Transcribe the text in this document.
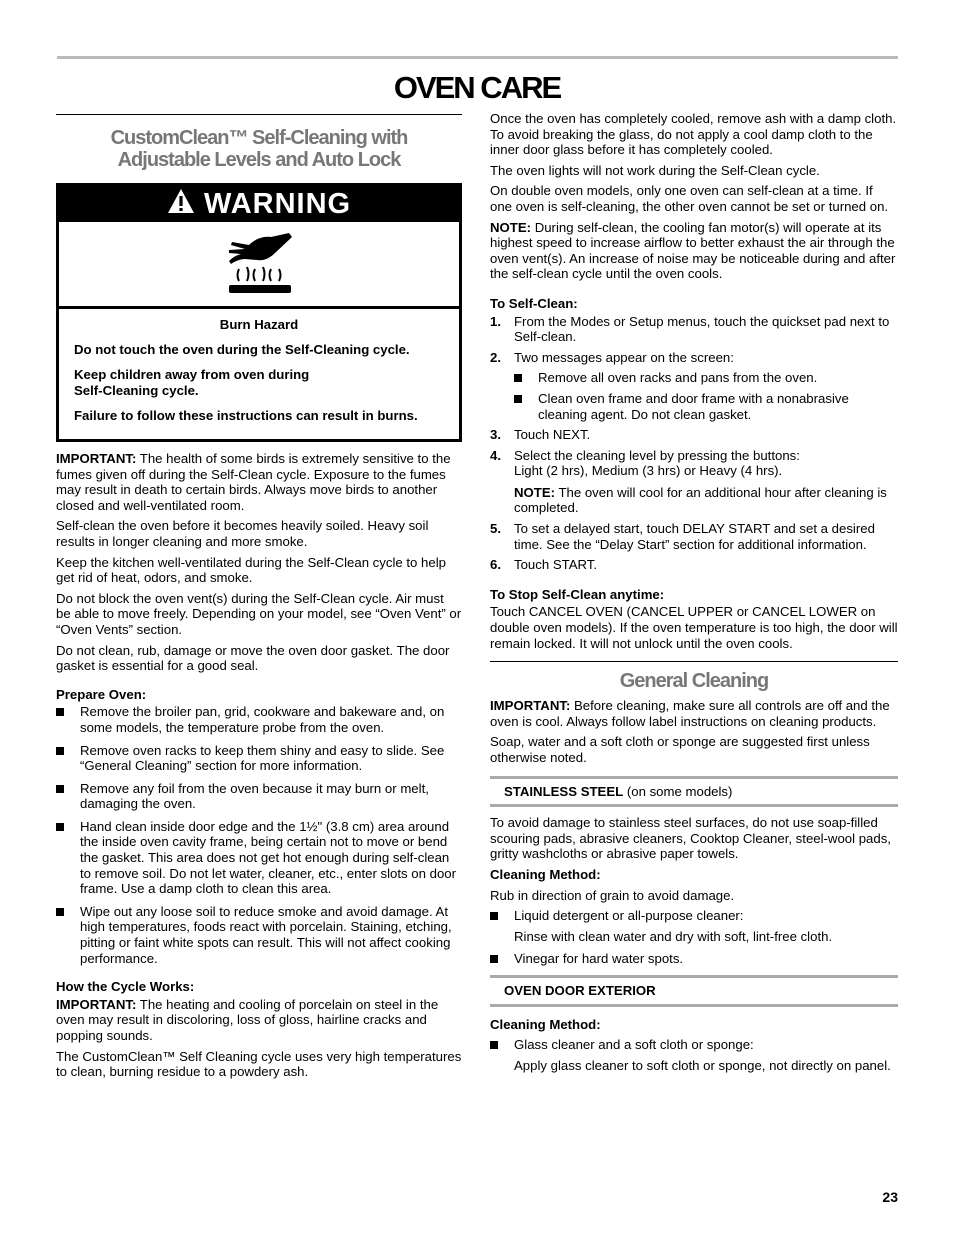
OVEN CARE
CustomClean™ Self-Cleaning with
Adjustable Levels and Auto Lock
WARNING

Burn Hazard

Do not touch the oven during the Self-Cleaning cycle.

Keep children away from oven during
Self-Cleaning cycle.

Failure to follow these instructions can result in burns.

IMPORTANT: The health of some birds is extremely sensitive to the fumes given off during the Self-Clean cycle. Exposure to the fumes may result in death to certain birds. Always move birds to another closed and well-ventilated room.

Self-clean the oven before it becomes heavily soiled. Heavy soil results in longer cleaning and more smoke.

Keep the kitchen well-ventilated during the Self-Clean cycle to help get rid of heat, odors, and smoke.

Do not block the oven vent(s) during the Self-Clean cycle. Air must be able to move freely. Depending on your model, see “Oven Vent” or “Oven Vents” section.

Do not clean, rub, damage or move the oven door gasket. The door gasket is essential for a good seal.

Prepare Oven:

Remove the broiler pan, grid, cookware and bakeware and, on some models, the temperature probe from the oven.
Remove oven racks to keep them shiny and easy to slide. See “General Cleaning” section for more information.
Remove any foil from the oven because it may burn or melt, damaging the oven.
Hand clean inside door edge and the 1½" (3.8 cm) area around the inside oven cavity frame, being certain not to move or bend the gasket. This area does not get hot enough during self-clean to remove soil. Do not let water, cleaner, etc., enter slots on door frame. Use a damp cloth to clean this area.
Wipe out any loose soil to reduce smoke and avoid damage. At high temperatures, foods react with porcelain. Staining, etching, pitting or faint white spots can result. This will not affect cooking performance.

How the Cycle Works:

IMPORTANT: The heating and cooling of porcelain on steel in the oven may result in discoloring, loss of gloss, hairline cracks and popping sounds.

The CustomClean™ Self Cleaning cycle uses very high temperatures to clean, burning residue to a powdery ash.

Once the oven has completely cooled, remove ash with a damp cloth. To avoid breaking the glass, do not apply a cool damp cloth to the inner door glass before it has completely cooled.

The oven lights will not work during the Self-Clean cycle.

On double oven models, only one oven can self-clean at a time. If one oven is self-cleaning, the other oven cannot be set or turned on.

NOTE: During self-clean, the cooling fan motor(s) will operate at its highest speed to increase airflow to better exhaust the air through the oven vent(s). An increase of noise may be noticeable during and after the self-clean cycle until the oven cools.

To Self-Clean:

1. From the Modes or Setup menus, touch the quickset pad next to Self-clean.
2. Two messages appear on the screen:
Remove all oven racks and pans from the oven.
Clean oven frame and door frame with a nonabrasive cleaning agent. Do not clean gasket.
3. Touch NEXT.
4. Select the cleaning level by pressing the buttons:
Light (2 hrs), Medium (3 hrs) or Heavy (4 hrs).
NOTE: The oven will cool for an additional hour after cleaning is completed.
5. To set a delayed start, touch DELAY START and set a desired time. See the “Delay Start” section for additional information.
6. Touch START.

To Stop Self-Clean anytime:

Touch CANCEL OVEN (CANCEL UPPER or CANCEL LOWER on double oven models). If the oven temperature is too high, the door will remain locked. It will not unlock until the oven cools.

General Cleaning

IMPORTANT: Before cleaning, make sure all controls are off and the oven is cool. Always follow label instructions on cleaning products.

Soap, water and a soft cloth or sponge are suggested first unless otherwise noted.

STAINLESS STEEL (on some models)

To avoid damage to stainless steel surfaces, do not use soap-filled scouring pads, abrasive cleaners, Cooktop Cleaner, steel-wool pads, gritty washcloths or abrasive paper towels.

Cleaning Method:

Rub in direction of grain to avoid damage.

Liquid detergent or all-purpose cleaner:
Rinse with clean water and dry with soft, lint-free cloth.
Vinegar for hard water spots.
OVEN DOOR EXTERIOR

Cleaning Method:

Glass cleaner and a soft cloth or sponge:
Apply glass cleaner to soft cloth or sponge, not directly on panel.
23
